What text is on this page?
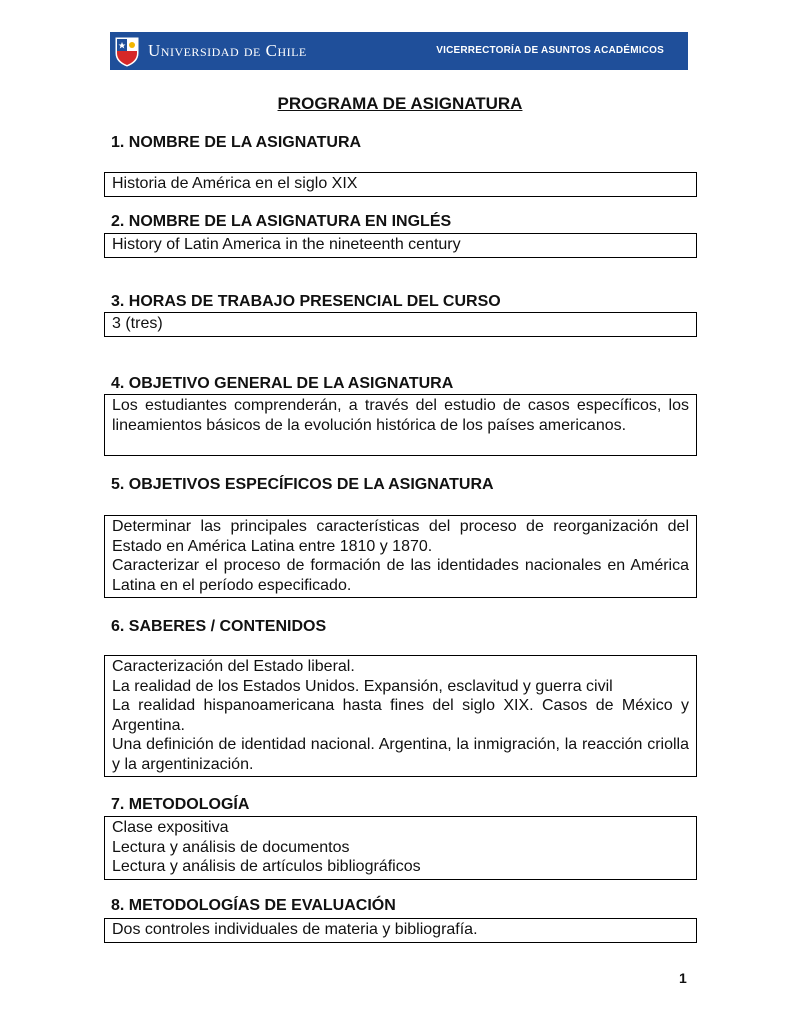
Universidad de Chile	VICERRECTORÍA DE ASUNTOS ACADÉMICOS
PROGRAMA DE ASIGNATURA
1. NOMBRE DE LA ASIGNATURA
Historia de América en el siglo XIX
2. NOMBRE DE LA ASIGNATURA EN INGLÉS
History of Latin America in the nineteenth century
3. HORAS DE TRABAJO PRESENCIAL DEL CURSO
3 (tres)
4. OBJETIVO GENERAL DE LA ASIGNATURA
Los estudiantes comprenderán, a través del estudio de casos específicos, los lineamientos básicos de la evolución histórica de los países americanos.
5. OBJETIVOS ESPECÍFICOS DE LA ASIGNATURA
Determinar las principales características del proceso de reorganización del Estado en América Latina entre 1810 y 1870.
Caracterizar el proceso de formación de las identidades nacionales en América Latina en el período especificado.
6. SABERES / CONTENIDOS
Caracterización del Estado liberal.
La realidad de los Estados Unidos. Expansión, esclavitud y guerra civil
La realidad hispanoamericana hasta fines del siglo XIX. Casos de México y Argentina.
Una definición de identidad nacional. Argentina, la inmigración, la reacción criolla y la argentinización.
7. METODOLOGÍA
Clase expositiva
Lectura y análisis de documentos
Lectura y análisis de artículos bibliográficos
8. METODOLOGÍAS DE EVALUACIÓN
Dos controles individuales de materia y bibliografía.
1
